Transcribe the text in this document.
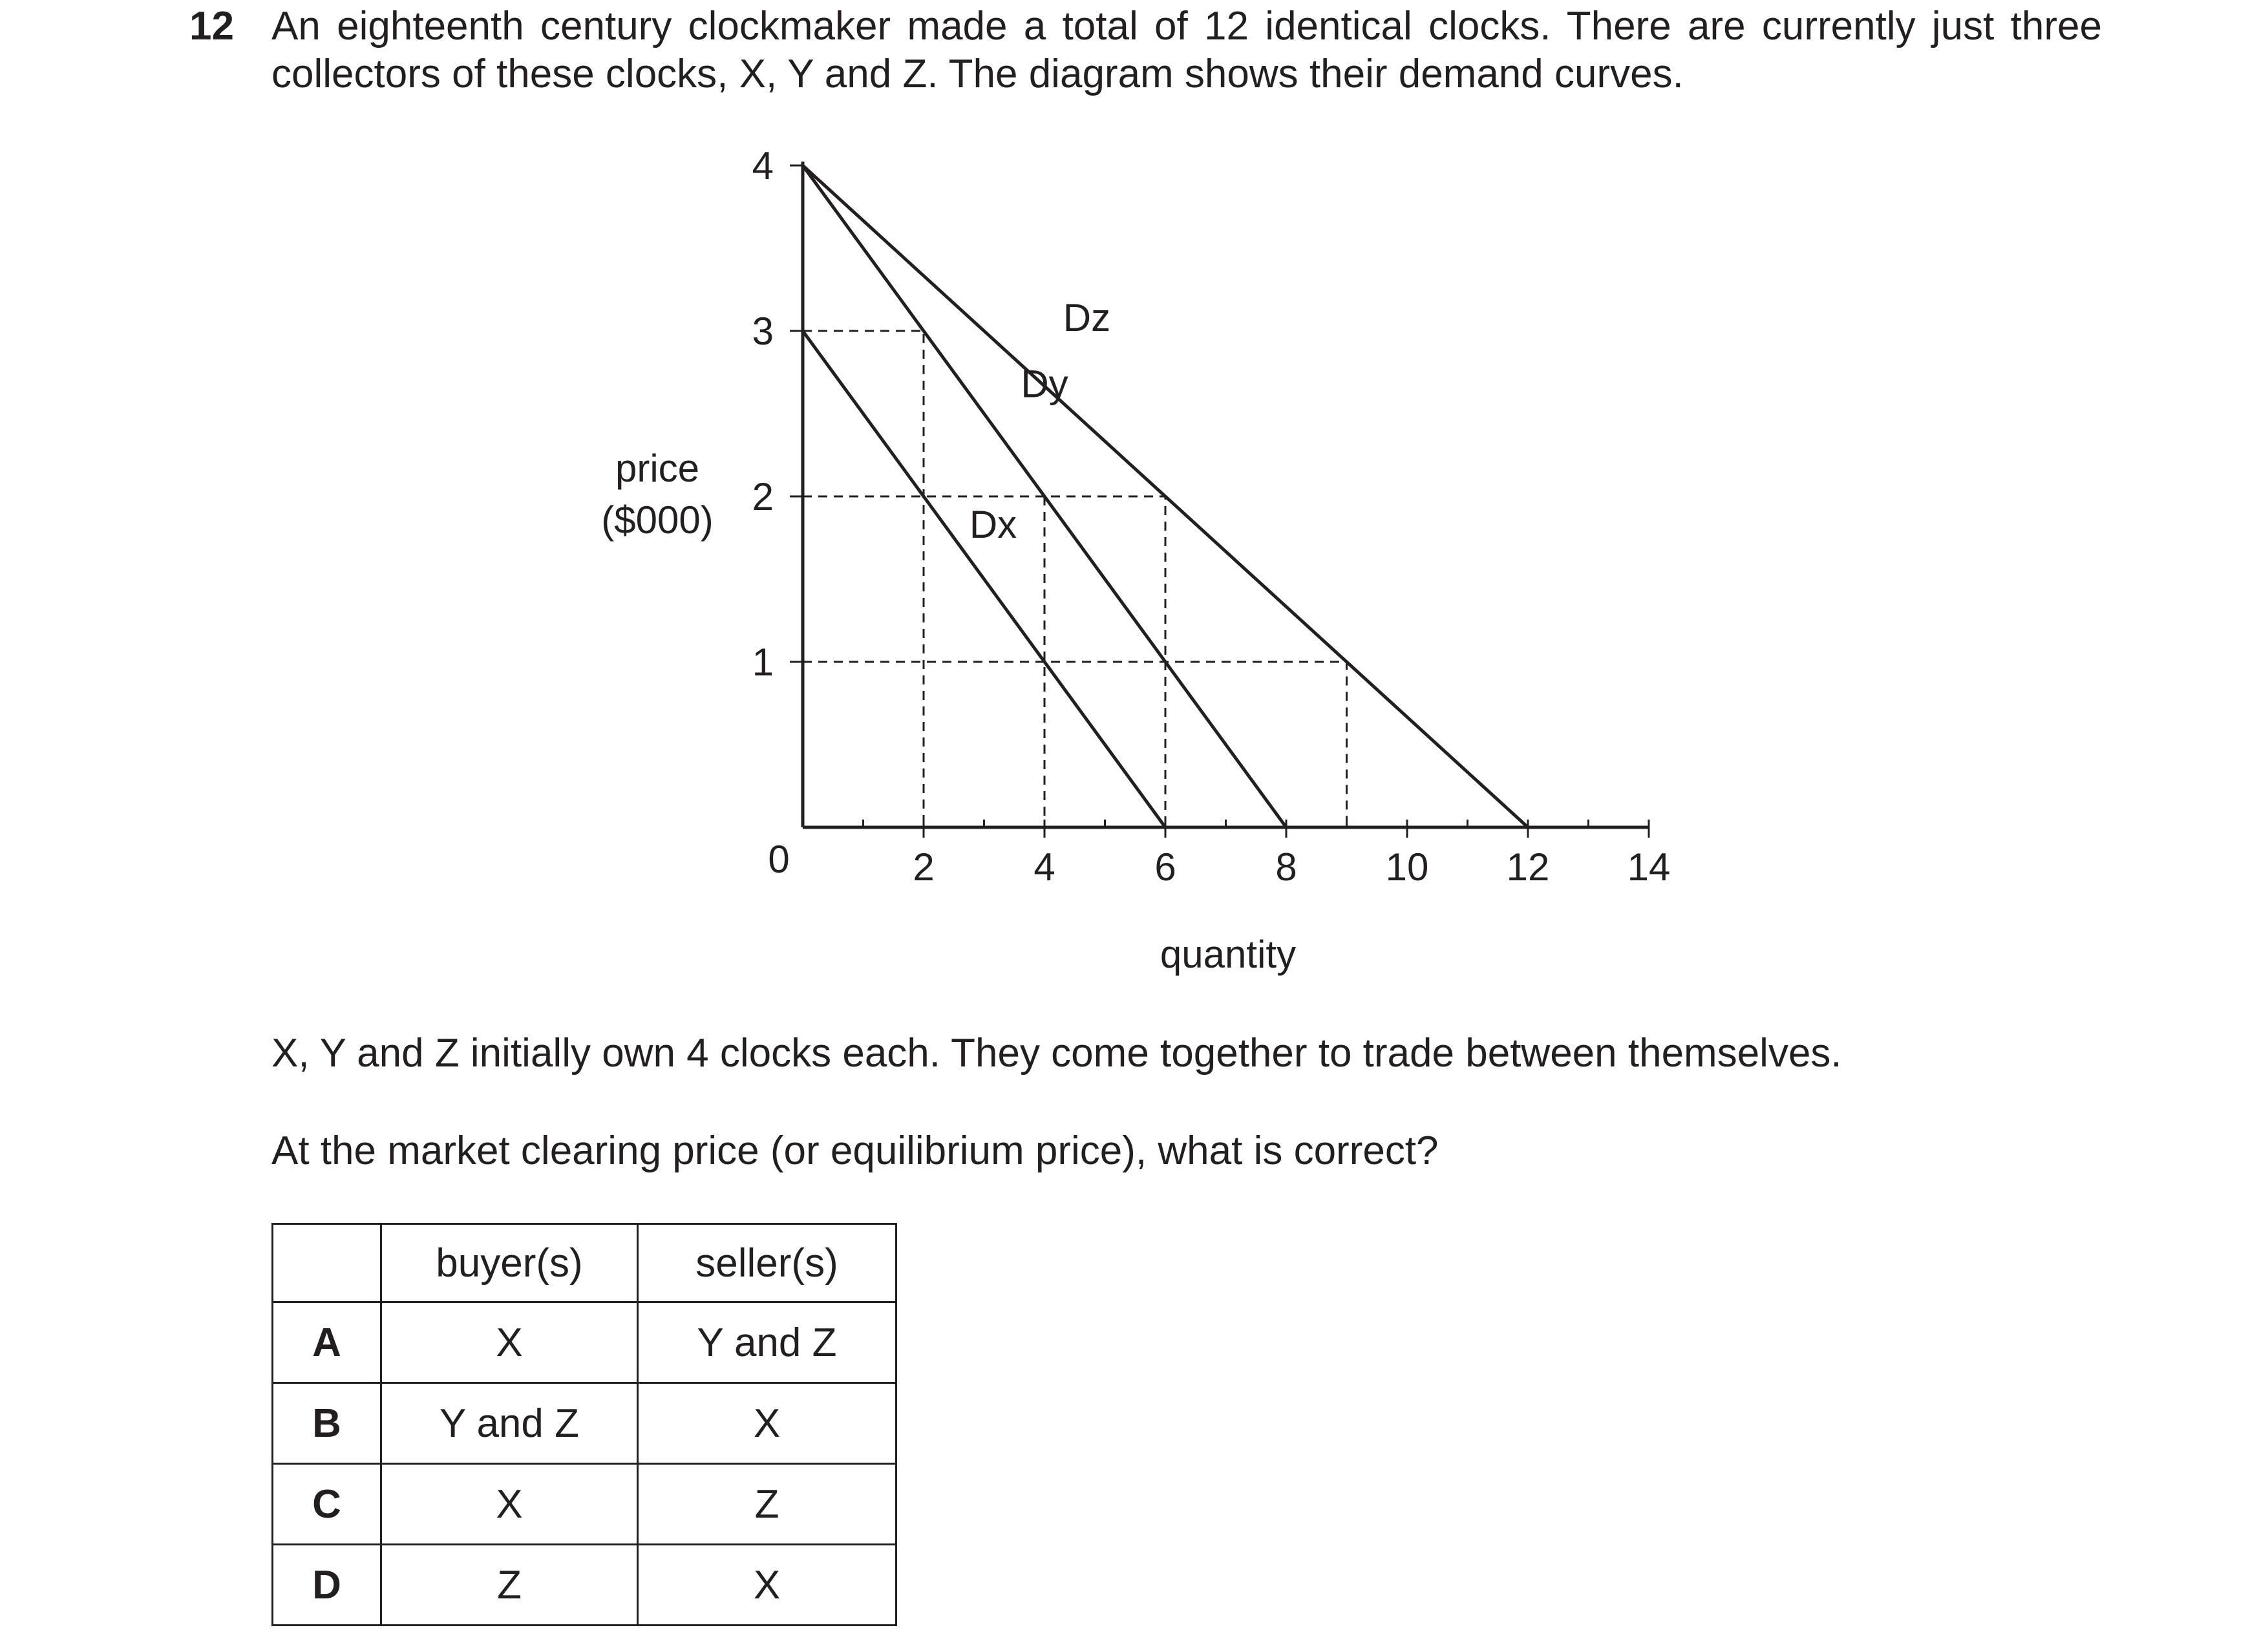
12 An eighteenth century clockmaker made a total of 12 identical clocks. There are currently just three collectors of these clocks, X, Y and Z. The diagram shows their demand curves.
price
($000)
quantity
0	2	4	6	8 10 12 14
1
2
3
4
Dx
Dy
Dz
X, Y and Z initially own 4 clocks each. They come together to trade between themselves.
At the market clearing price (or equilibrium price), what is correct?
	buyer(s)	seller(s)
A	X	Y and Z
B	Y and Z	X
C	X	Z
D	Z	X
